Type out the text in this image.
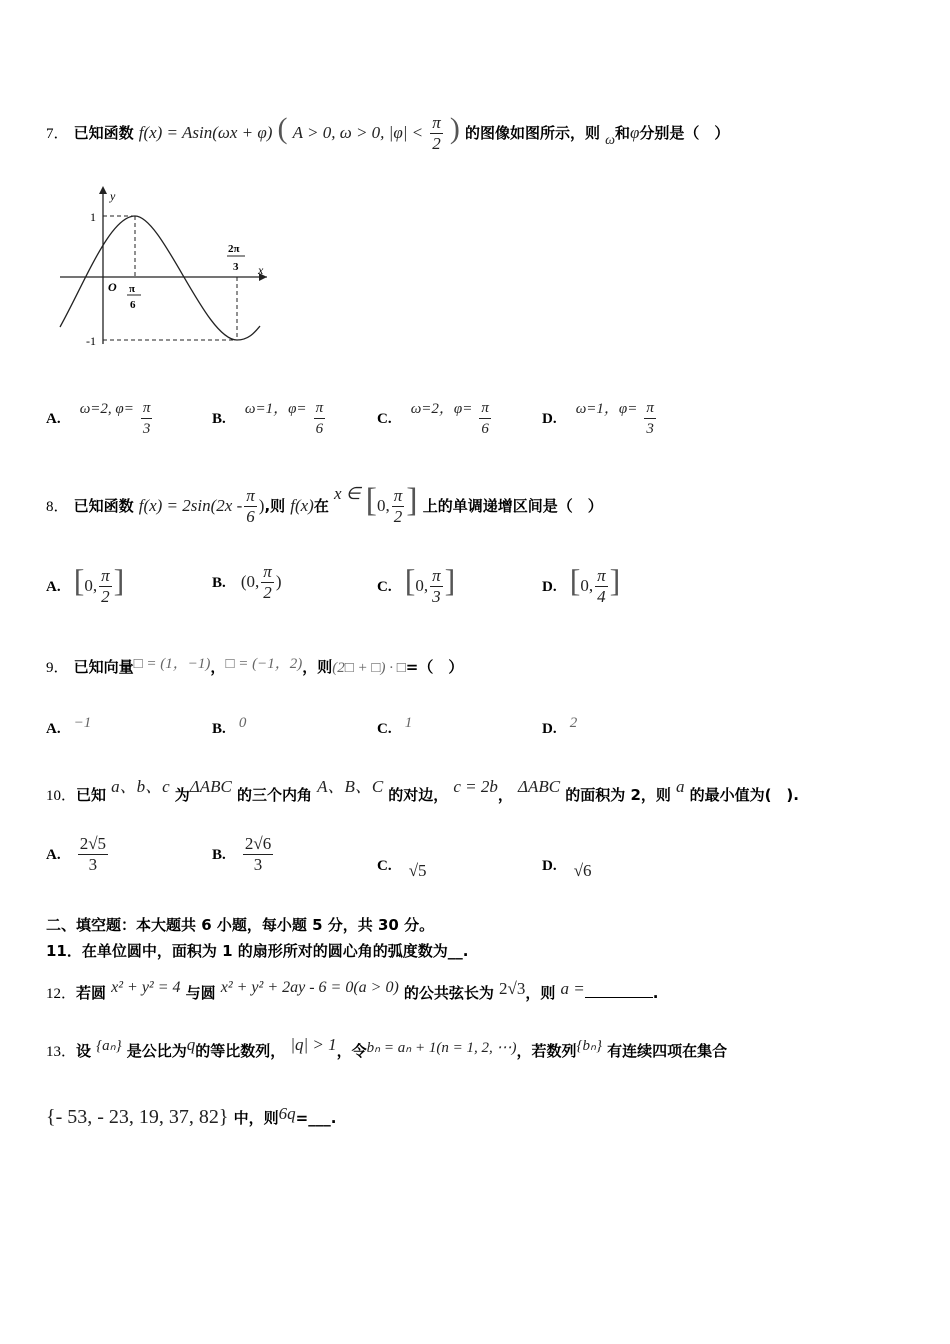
7． 已知函数 f(x) = Asin(ωx + φ) ( A > 0, ω > 0, $|\varphi| < \frac{\pi}{2}$ ) 的图像如图所示，则 ω和φ分别是（　）
y
x
O
1
-1
π
6
2π
3
A. ω=2, $\varphi= \frac{\pi}{3}$	B. ω=1，$\varphi= \frac{\pi}{6}$	C. ω=2，$\varphi= \frac{\pi}{6}$	D. ω=1，$\varphi= \frac{\pi}{3}$
8． 已知函数 $f(x) = 2\sin(2x - \frac{\pi}{6}$ ),则 f(x)在 x ∈ [0, $\frac{\pi}{2}$ ] 上的单调递增区间是（　）
A. [0, $\frac{\pi}{2}$ ]	B. (0, $\frac{\pi}{2}$ )	C. [0, $\frac{\pi}{3}$ ]	D. [0, $\frac{\pi}{4}$ ]
9． 已知向量□ = (1，−1)，□ = (−1，2)，则(2□ + □) · □=（　）
A. −1	B. 0	C. 1	D. 2
10．已知 a、b、c 为ΔABC 的三个内角 A、B、C 的对边， c = 2b， ΔABC 的面积为 2，则 a 的最小值为(　).
A. $\frac{2√5}{3}$	B. $\frac{2√6}{3}$	C. √5	D. √6
二、填空题：本大题共 6 小题，每小题 5 分，共 30 分。
11．在单位圆中，面积为 1 的扇形所对的圆心角的弧度数为__.
12．若圆 x² + y² = 4 与圆 x² + y² + 2ay - 6 = 0(a > 0) 的公共弦长为 2√3，则 a =	.
13．设 {aₙ} 是公比为q的等比数列， |q| > 1，令bₙ = aₙ + 1(n = 1, 2, ⋯)，若数列{bₙ} 有连续四项在集合
{- 53, - 23, 19, 37, 82} 中，则6q=___.
